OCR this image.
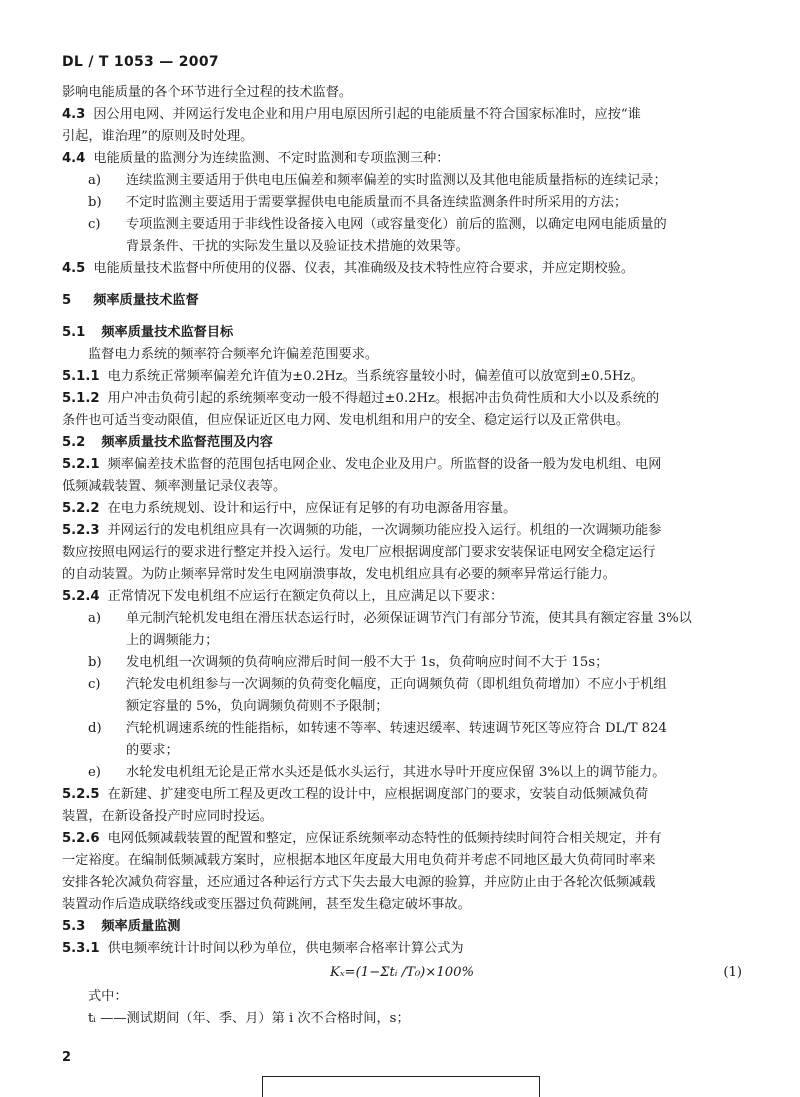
DL / T 1053 — 2007
影响电能质量的各个环节进行全过程的技术监督。
4.3 因公用电网、并网运行发电企业和用户用电原因所引起的电能质量不符合国家标准时，应按“谁
引起，谁治理”的原则及时处理。
4.4 电能质量的监测分为连续监测、不定时监测和专项监测三种：
a) 连续监测主要适用于供电电压偏差和频率偏差的实时监测以及其他电能质量指标的连续记录；
b) 不定时监测主要适用于需要掌握供电电能质量而不具备连续监测条件时所采用的方法；
c) 专项监测主要适用于非线性设备接入电网（或容量变化）前后的监测，以确定电网电能质量的
背景条件、干扰的实际发生量以及验证技术措施的效果等。
4.5 电能质量技术监督中所使用的仪器、仪表，其准确级及技术特性应符合要求，并应定期校验。
5 频率质量技术监督
5.1 频率质量技术监督目标
监督电力系统的频率符合频率允许偏差范围要求。
5.1.1 电力系统正常频率偏差允许值为±0.2Hz。当系统容量较小时，偏差值可以放宽到±0.5Hz。
5.1.2 用户冲击负荷引起的系统频率变动一般不得超过±0.2Hz。根据冲击负荷性质和大小以及系统的
条件也可适当变动限值，但应保证近区电力网、发电机组和用户的安全、稳定运行以及正常供电。
5.2 频率质量技术监督范围及内容
5.2.1 频率偏差技术监督的范围包括电网企业、发电企业及用户。所监督的设备一般为发电机组、电网
低频减载装置、频率测量记录仪表等。
5.2.2 在电力系统规划、设计和运行中，应保证有足够的有功电源备用容量。
5.2.3 并网运行的发电机组应具有一次调频的功能，一次调频功能应投入运行。机组的一次调频功能参
数应按照电网运行的要求进行整定并投入运行。发电厂应根据调度部门要求安装保证电网安全稳定运行
的自动装置。为防止频率异常时发生电网崩溃事故，发电机组应具有必要的频率异常运行能力。
5.2.4 正常情况下发电机组不应运行在额定负荷以上，且应满足以下要求：
a) 单元制汽轮机发电组在滑压状态运行时，必须保证调节汽门有部分节流，使其具有额定容量 3%以
上的调频能力；
b) 发电机组一次调频的负荷响应滞后时间一般不大于 1s，负荷响应时间不大于 15s；
c) 汽轮发电机组参与一次调频的负荷变化幅度，正向调频负荷（即机组负荷增加）不应小于机组
额定容量的 5%，负向调频负荷则不予限制；
d) 汽轮机调速系统的性能指标，如转速不等率、转速迟缓率、转速调节死区等应符合 DL/T 824
的要求；
e) 水轮发电机组无论是正常水头还是低水头运行，其进水导叶开度应保留 3%以上的调节能力。
5.2.5 在新建、扩建变电所工程及更改工程的设计中，应根据调度部门的要求，安装自动低频减负荷
装置，在新设备投产时应同时投运。
5.2.6 电网低频减载装置的配置和整定，应保证系统频率动态特性的低频持续时间符合相关规定，并有
一定裕度。在编制低频减载方案时，应根据本地区年度最大用电负荷并考虑不同地区最大负荷同时率来
安排各轮次减负荷容量，还应通过各种运行方式下失去最大电源的验算，并应防止由于各轮次低频减载
装置动作后造成联络线或变压器过负荷跳闸，甚至发生稳定破坏事故。
5.3 频率质量监测
5.3.1 供电频率统计计时间以秒为单位，供电频率合格率计算公式为
Kₓ=(1−Σtᵢ /T₀)×100%	(1)
式中：
tᵢ ——测试期间（年、季、月）第 i 次不合格时间，s；
2
